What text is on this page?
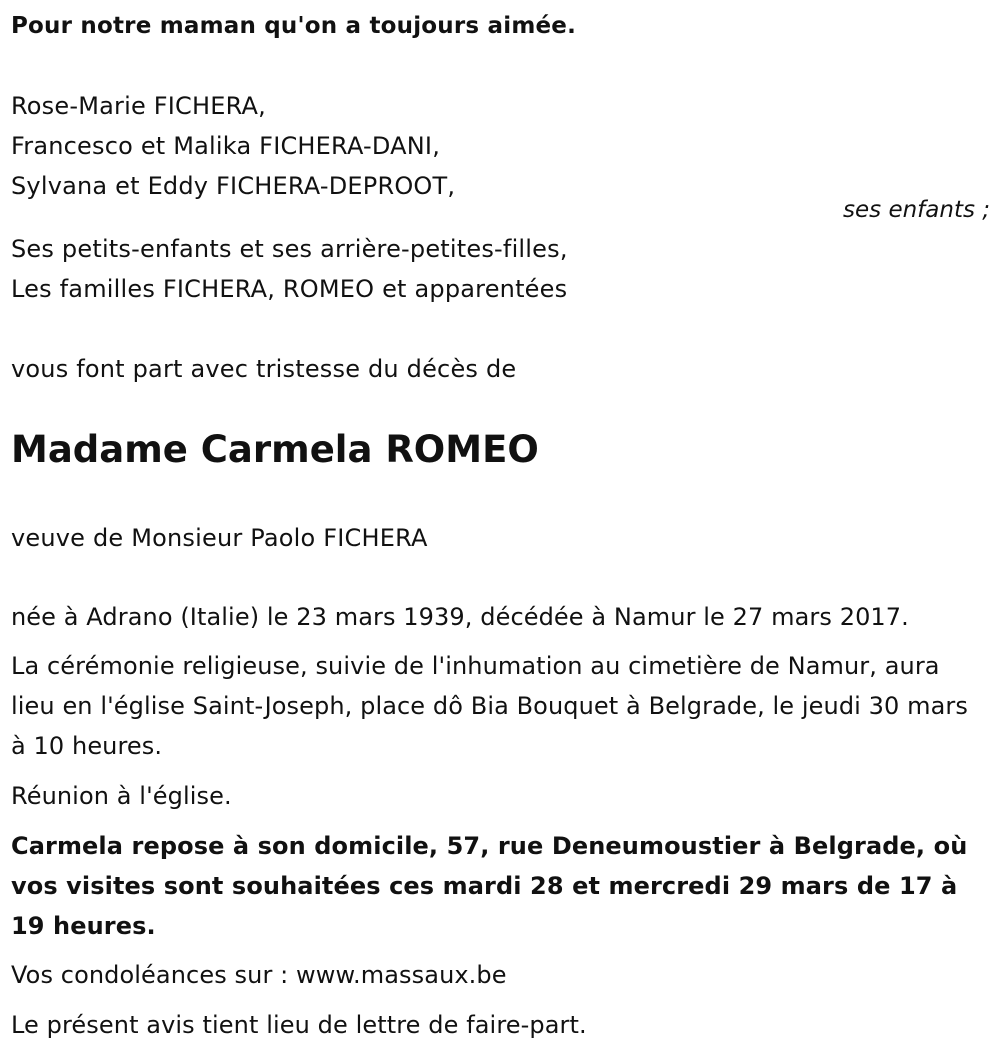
Pour notre maman qu'on a toujours aimée.
Rose-Marie FICHERA,
Francesco et Malika FICHERA-DANI,
Sylvana et Eddy FICHERA-DEPROOT,
ses enfants ;
Ses petits-enfants et ses arrière-petites-filles,
Les familles FICHERA, ROMEO et apparentées
vous font part avec tristesse du décès de
Madame Carmela ROMEO
veuve de Monsieur Paolo FICHERA
née à Adrano (Italie) le 23 mars 1939, décédée à Namur le 27 mars 2017.
La cérémonie religieuse, suivie de l'inhumation au cimetière de Namur, aura lieu en l'église Saint-Joseph, place dô Bia Bouquet à Belgrade, le jeudi 30 mars à 10 heures.
Réunion à l'église.
Carmela repose à son domicile, 57, rue Deneumoustier à Belgrade, où vos visites sont souhaitées ces mardi 28 et mercredi 29 mars de 17 à 19 heures.
Vos condoléances sur : www.massaux.be
Le présent avis tient lieu de lettre de faire-part.
